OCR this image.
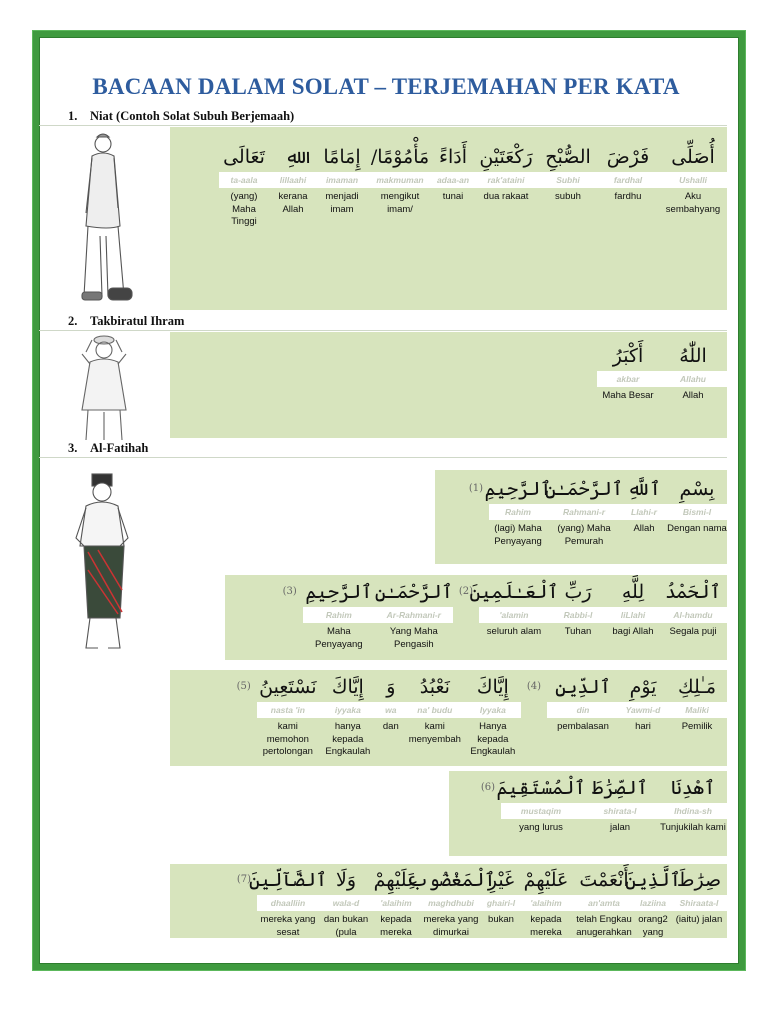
BACAAN DALAM SOLAT – TERJEMAHAN PER KATA
1. Niat (Contoh Solat Subuh Berjemaah)
أُصَلِّى
Ushalli
Aku sembahyang
فَرْضَ
fardhal
fardhu
الصُّبْحِ
Subhi
subuh
رَكْعَتَيْنِ
rak'ataini
dua rakaat
أَدَاءً
adaa-an
tunai
مَأْمُوْمًا/
makmuman
mengikut imam/
إِمَامًا
imaman
menjadi imam
ﷲِ
lillaahi
kerana Allah
تَعَالَى
ta-aala
(yang) Maha Tinggi
2. Takbiratul Ihram
اللّٰهُ
Allahu
Allah
أَكْبَرُ
akbar
Maha Besar
3. Al-Fatihah
بِسْمِ
Bismi-l
Dengan nama
ٱللَّهِ
Llahi-r
Allah
ٱلرَّحْمَـٰنِ
Rahmani-r
(yang) Maha Pemurah
ٱلرَّحِيمِ
Rahim
(lagi) Maha Penyayang
(1)
ٱلْحَمْدُ
Al-hamdu
Segala puji
لِلَّهِ
liLlahi
bagi Allah
رَبِّ
Rabbi-l
Tuhan
ٱلْعَـٰلَمِينَ
'alamin
seluruh alam
(2)
ٱلرَّحْمَـٰنِ
Ar-Rahmani-r
Yang Maha Pengasih
ٱلرَّحِيمِ
Rahim
Maha Penyayang
(3)
مَـٰلِكِ
Maliki
Pemilik
يَوْمِ
Yawmi-d
hari
ٱلدِّينِ
din
pembalasan
(4)
إِيَّاكَ
Iyyaka
Hanya kepada Engkaulah
نَعْبُدُ
na' budu
kami menyembah
وَ
wa
dan
إِيَّاكَ
iyyaka
hanya kepada Engkaulah
نَسْتَعِينُ
nasta 'in
kami memohon pertolongan
(5)
ٱهْدِنَا
Ihdina-sh
Tunjukilah kami
ٱلصِّرَٰطَ
shirata-l
jalan
ٱلْمُسْتَقِيمَ
mustaqim
yang lurus
(6)
صِرَٰطَ
Shiraata-l
(iaitu) jalan
ٱلَّذِينَ
laziina
orang2 yang
أَنْعَمْتَ
an'amta
telah Engkau anugerahkan
عَلَيْهِمْ
'alaihim
kepada mereka
غَيْرِ
ghairi-l
bukan
ٱلْمَغْضُوبِ
maghdhubi
mereka yang dimurkai
عَلَيْهِمْ
'alaihim
kepada mereka
وَلَا
wala-d
dan bukan (pula
ٱلضَّآلِّينَ
dhaalliin
mereka yang sesat
(7)
